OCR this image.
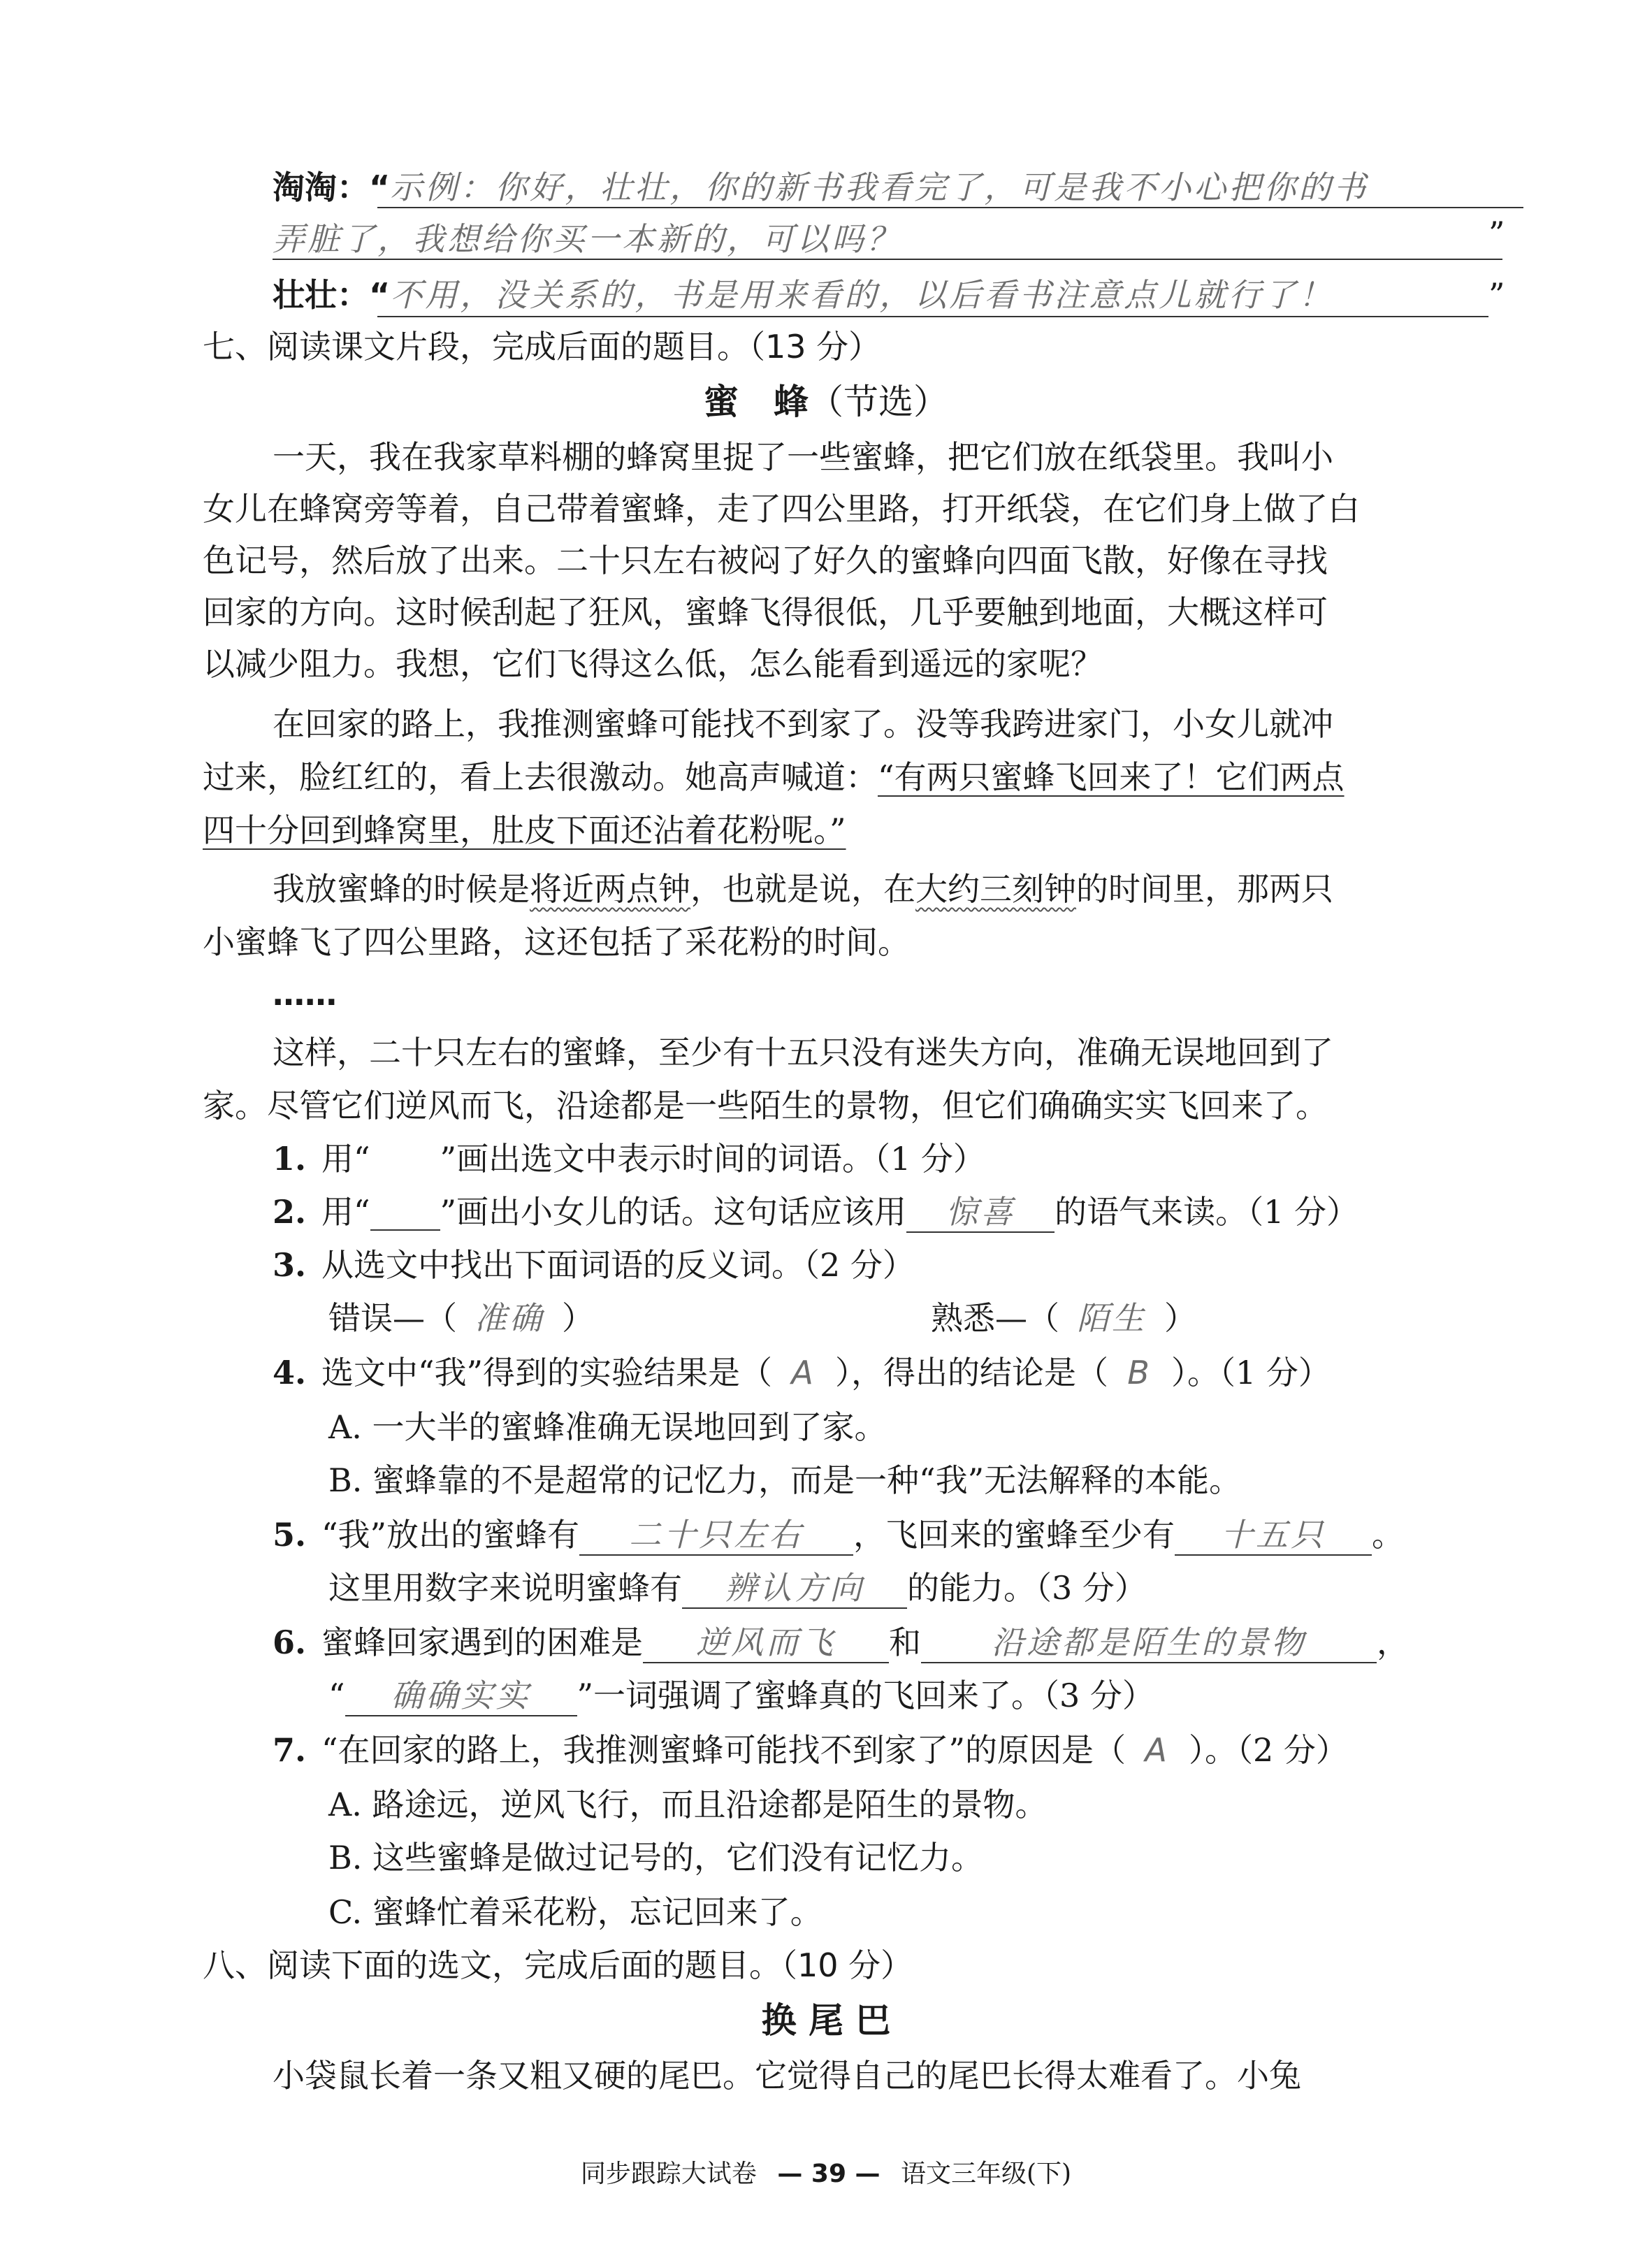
淘淘：“示例：你好，壮壮，你的新书我看完了，可是我不小心把你的书
弄脏了，我想给你买一本新的，可以吗？	”
壮壮：“不用，没关系的，书是用来看的，以后看书注意点儿就行了！	”
七、阅读课文片段，完成后面的题目。（13 分）
蜜　蜂（节选）
一天，我在我家草料棚的蜂窝里捉了一些蜜蜂，把它们放在纸袋里。我叫小
女儿在蜂窝旁等着，自己带着蜜蜂，走了四公里路，打开纸袋，在它们身上做了白
色记号，然后放了出来。二十只左右被闷了好久的蜜蜂向四面飞散，好像在寻找
回家的方向。这时候刮起了狂风，蜜蜂飞得很低，几乎要触到地面，大概这样可
以减少阻力。我想，它们飞得这么低，怎么能看到遥远的家呢？
在回家的路上，我推测蜜蜂可能找不到家了。没等我跨进家门，小女儿就冲
过来，脸红红的，看上去很激动。她高声喊道：“有两只蜜蜂飞回来了！它们两点
四十分回到蜂窝里，肚皮下面还沾着花粉呢。”
我放蜜蜂的时候是将近两点钟，也就是说，在大约三刻钟的时间里，那两只
小蜜蜂飞了四公里路，这还包括了采花粉的时间。
……
这样，二十只左右的蜜蜂，至少有十五只没有迷失方向，准确无误地回到了
家。尽管它们逆风而飞，沿途都是一些陌生的景物，但它们确确实实飞回来了。
1. 用“ ”画出选文中表示时间的词语。（1 分）
2. 用“ ”画出小女儿的话。这句话应该用 惊喜 的语气来读。（1 分）
3. 从选文中找出下面词语的反义词。（2 分）
错误—（ 准确 ）	熟悉—（ 陌生 ）
4. 选文中“我”得到的实验结果是（ A ），得出的结论是（ B ）。（1 分）
A. 一大半的蜜蜂准确无误地回到了家。
B. 蜜蜂靠的不是超常的记忆力，而是一种“我”无法解释的本能。
5. “我”放出的蜜蜂有 二十只左右 ，飞回来的蜜蜂至少有 十五只 。
这里用数字来说明蜜蜂有 辨认方向 的能力。（3 分）
6. 蜜蜂回家遇到的困难是 逆风而飞 和 沿途都是陌生的景物 ，
“ 确确实实 ”一词强调了蜜蜂真的飞回来了。（3 分）
7. “在回家的路上，我推测蜜蜂可能找不到家了”的原因是（ A ）。（2 分）
A. 路途远，逆风飞行，而且沿途都是陌生的景物。
B. 这些蜜蜂是做过记号的，它们没有记忆力。
C. 蜜蜂忙着采花粉，忘记回来了。
八、阅读下面的选文，完成后面的题目。（10 分）
换 尾 巴
小袋鼠长着一条又粗又硬的尾巴。它觉得自己的尾巴长得太难看了。小兔
同步跟踪大试卷 — 39 — 语文三年级(下)
